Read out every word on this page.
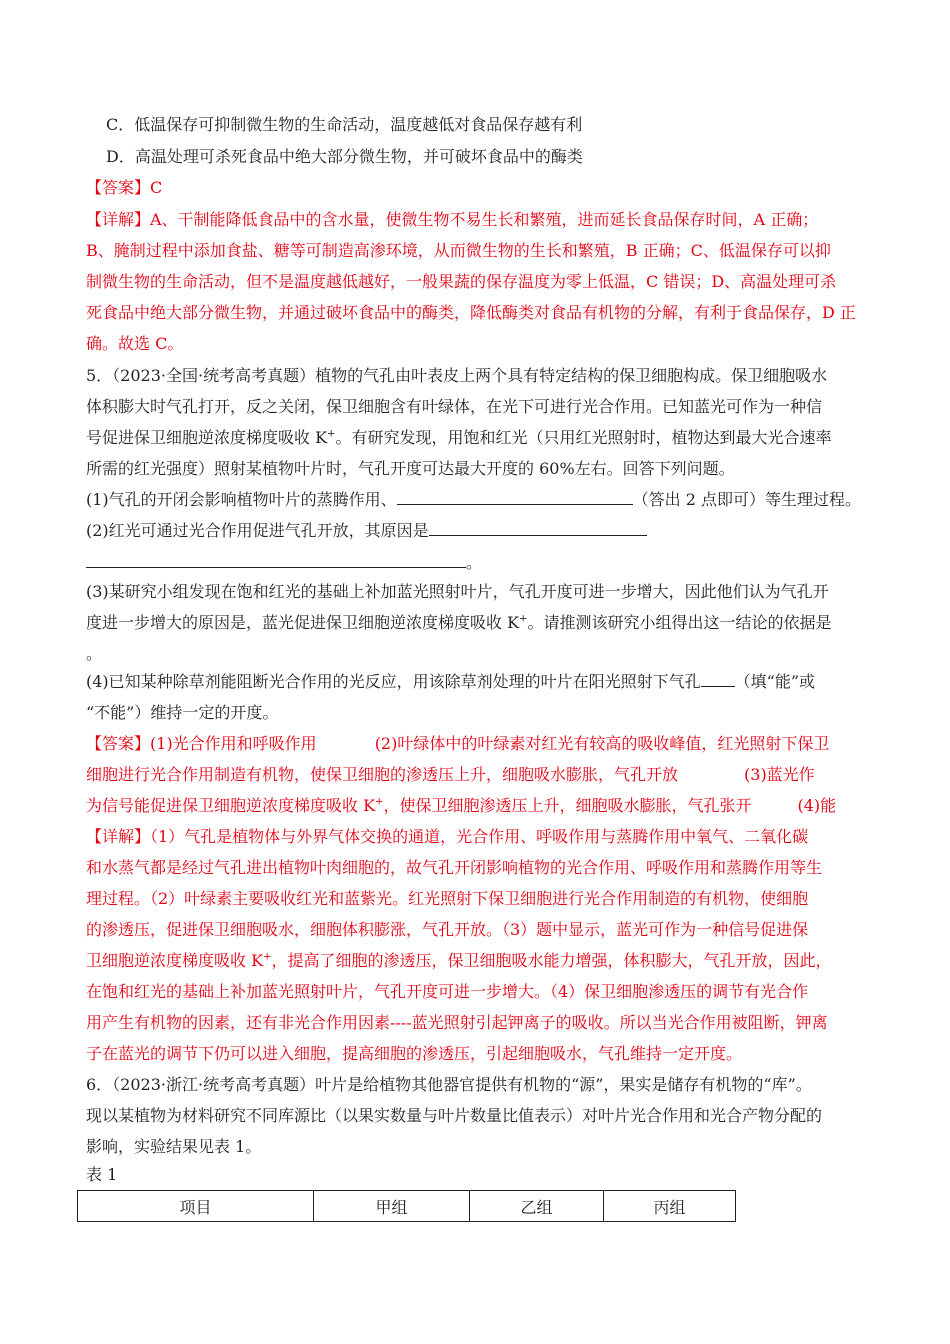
C．低温保存可抑制微生物的生命活动，温度越低对食品保存越有利
D．高温处理可杀死食品中绝大部分微生物，并可破坏食品中的酶类
【答案】C
【详解】A、干制能降低食品中的含水量，使微生物不易生长和繁殖，进而延长食品保存时间，A 正确；
B、腌制过程中添加食盐、糖等可制造高渗环境，从而微生物的生长和繁殖，B 正确；C、低温保存可以抑
制微生物的生命活动，但不是温度越低越好，一般果蔬的保存温度为零上低温，C 错误；D、高温处理可杀
死食品中绝大部分微生物，并通过破坏食品中的酶类，降低酶类对食品有机物的分解，有利于食品保存，D 正
确。故选 C。
5．（2023·全国·统考高考真题）植物的气孔由叶表皮上两个具有特定结构的保卫细胞构成。保卫细胞吸水
体积膨大时气孔打开，反之关闭，保卫细胞含有叶绿体，在光下可进行光合作用。已知蓝光可作为一种信
号促进保卫细胞逆浓度梯度吸收 K+。有研究发现，用饱和红光（只用红光照射时，植物达到最大光合速率
所需的红光强度）照射某植物叶片时，气孔开度可达最大开度的 60%左右。回答下列问题。
(1)气孔的开闭会影响植物叶片的蒸腾作用、	（答出 2 点即可）等生理过程。
(2)红光可通过光合作用促进气孔开放，其原因是
。
(3)某研究小组发现在饱和红光的基础上补加蓝光照射叶片，气孔开度可进一步增大，因此他们认为气孔开
度进一步增大的原因是，蓝光促进保卫细胞逆浓度梯度吸收 K+。请推测该研究小组得出这一结论的依据是
。
(4)已知某种除草剂能阻断光合作用的光反应，用该除草剂处理的叶片在阳光照射下气孔 （填“能”或
“不能”）维持一定的开度。
【答案】(1)光合作用和呼吸作用	(2)叶绿体中的叶绿素对红光有较高的吸收峰值，红光照射下保卫
细胞进行光合作用制造有机物，使保卫细胞的渗透压上升，细胞吸水膨胀，气孔开放	(3)蓝光作
为信号能促进保卫细胞逆浓度梯度吸收 K+，使保卫细胞渗透压上升，细胞吸水膨胀，气孔张开	(4)能
【详解】（1）气孔是植物体与外界气体交换的通道，光合作用、呼吸作用与蒸腾作用中氧气、二氧化碳
和水蒸气都是经过气孔进出植物叶肉细胞的，故气孔开闭影响植物的光合作用、呼吸作用和蒸腾作用等生
理过程。（2）叶绿素主要吸收红光和蓝紫光。红光照射下保卫细胞进行光合作用制造的有机物，使细胞
的渗透压，促进保卫细胞吸水，细胞体积膨涨，气孔开放。（3）题中显示，蓝光可作为一种信号促进保
卫细胞逆浓度梯度吸收 K+，提高了细胞的渗透压，保卫细胞吸水能力增强，体积膨大，气孔开放，因此，
在饱和红光的基础上补加蓝光照射叶片，气孔开度可进一步增大。（4）保卫细胞渗透压的调节有光合作
用产生有机物的因素，还有非光合作用因素----蓝光照射引起钾离子的吸收。所以当光合作用被阻断，钾离
子在蓝光的调节下仍可以进入细胞，提高细胞的渗透压，引起细胞吸水，气孔维持一定开度。
6．（2023·浙江·统考高考真题）叶片是给植物其他器官提供有机物的“源”，果实是储存有机物的“库”。
现以某植物为材料研究不同库源比（以果实数量与叶片数量比值表示）对叶片光合作用和光合产物分配的
影响，实验结果见表 1。
表 1
项目	甲组	乙组	丙组
